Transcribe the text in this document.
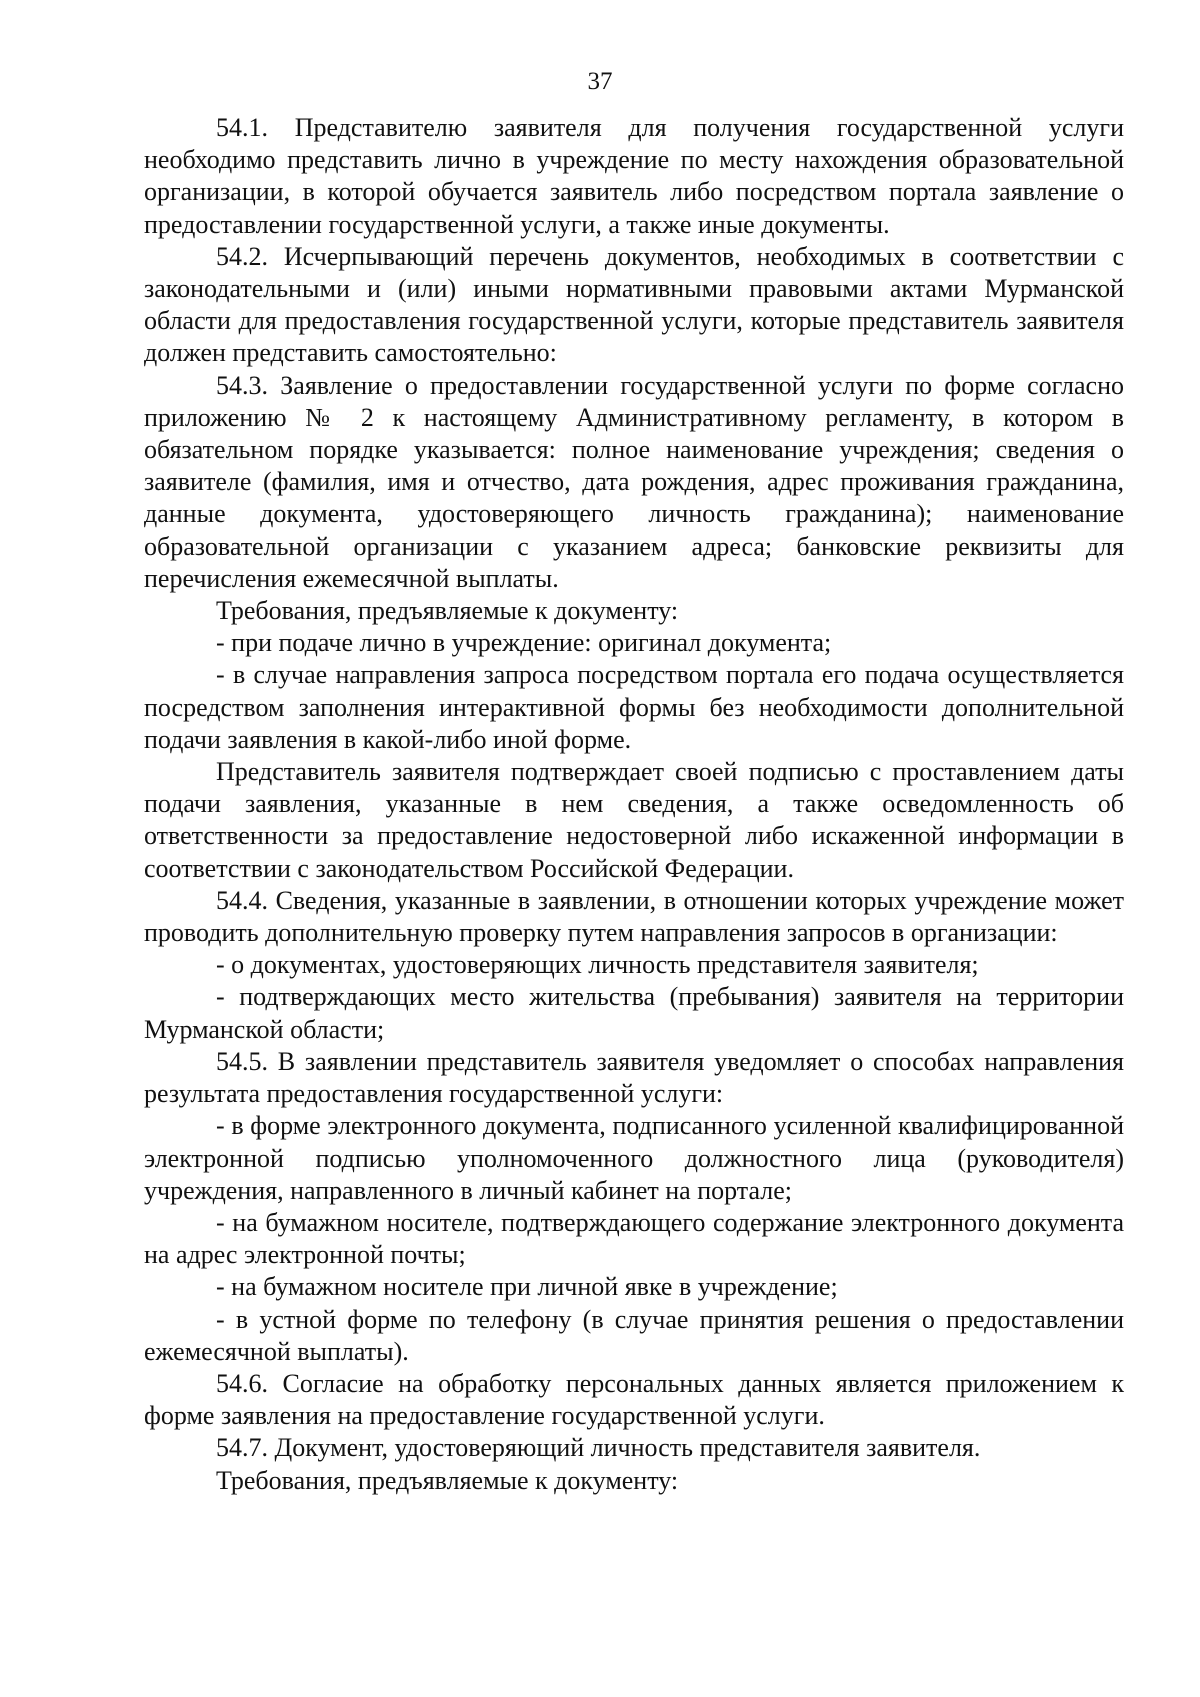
37

54.1. Представителю заявителя для получения государственной услуги необходимо представить лично в учреждение по месту нахождения образовательной организации, в которой обучается заявитель либо посредством портала заявление о предоставлении государственной услуги, а также иные документы.

54.2. Исчерпывающий перечень документов, необходимых в соответствии с законодательными и (или) иными нормативными правовыми актами Мурманской области для предоставления государственной услуги, которые представитель заявителя должен представить самостоятельно:

54.3. Заявление о предоставлении государственной услуги по форме согласно приложению № 2 к настоящему Административному регламенту, в котором в обязательном порядке указывается: полное наименование учреждения; сведения о заявителе (фамилия, имя и отчество, дата рождения, адрес проживания гражданина, данные документа, удостоверяющего личность гражданина); наименование образовательной организации с указанием адреса; банковские реквизиты для перечисления ежемесячной выплаты.

Требования, предъявляемые к документу:

- при подаче лично в учреждение: оригинал документа;

- в случае направления запроса посредством портала его подача осуществляется посредством заполнения интерактивной формы без необходимости дополнительной подачи заявления в какой-либо иной форме.

Представитель заявителя подтверждает своей подписью с проставлением даты подачи заявления, указанные в нем сведения, а также осведомленность об ответственности за предоставление недостоверной либо искаженной информации в соответствии с законодательством Российской Федерации.

54.4. Сведения, указанные в заявлении, в отношении которых учреждение может проводить дополнительную проверку путем направления запросов в организации:

- о документах, удостоверяющих личность представителя заявителя;

- подтверждающих место жительства (пребывания) заявителя на территории Мурманской области;

54.5. В заявлении представитель заявителя уведомляет о способах направления результата предоставления государственной услуги:

- в форме электронного документа, подписанного усиленной квалифицированной электронной подписью уполномоченного должностного лица (руководителя) учреждения, направленного в личный кабинет на портале;

- на бумажном носителе, подтверждающего содержание электронного документа на адрес электронной почты;

- на бумажном носителе при личной явке в учреждение;

- в устной форме по телефону (в случае принятия решения о предоставлении ежемесячной выплаты).

54.6. Согласие на обработку персональных данных является приложением к форме заявления на предоставление государственной услуги.

54.7. Документ, удостоверяющий личность представителя заявителя.

Требования, предъявляемые к документу:
